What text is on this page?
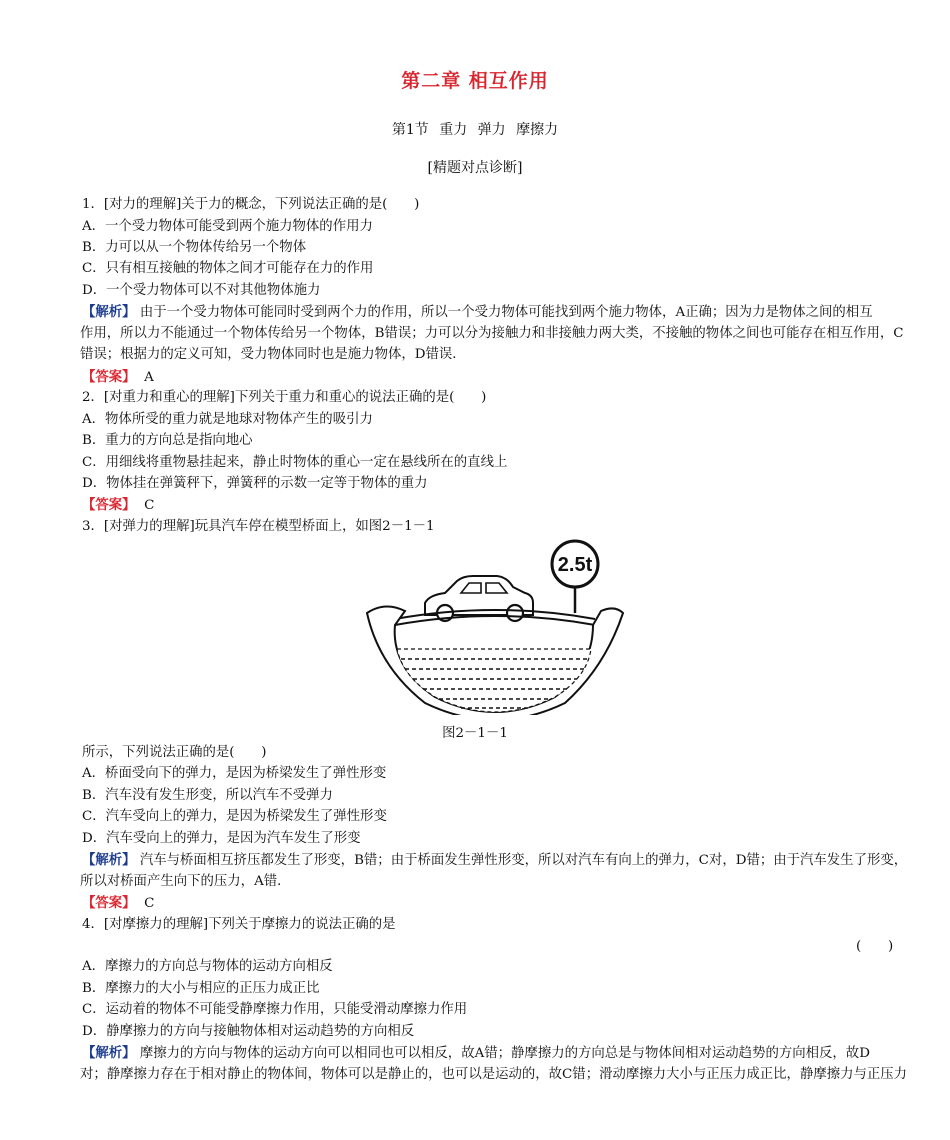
第二章 相互作用
第1节 重力 弹力 摩擦力
[精题对点诊断]
1．[对力的理解]关于力的概念，下列说法正确的是(　　)
A．一个受力物体可能受到两个施力物体的作用力
B．力可以从一个物体传给另一个物体
C．只有相互接触的物体之间才可能存在力的作用
D．一个受力物体可以不对其他物体施力
【解析】 由于一个受力物体可能同时受到两个力的作用，所以一个受力物体可能找到两个施力物体，A正确；因为力是物体之间的相互
作用，所以力不能通过一个物体传给另一个物体，B错误；力可以分为接触力和非接触力两大类，不接触的物体之间也可能存在相互作用，C
错误；根据力的定义可知，受力物体同时也是施力物体，D错误．
【答案】 A
2．[对重力和重心的理解]下列关于重力和重心的说法正确的是(　　)
A．物体所受的重力就是地球对物体产生的吸引力
B．重力的方向总是指向地心
C．用细线将重物悬挂起来，静止时物体的重心一定在悬线所在的直线上
D．物体挂在弹簧秤下，弹簧秤的示数一定等于物体的重力
【答案】 C
3．[对弹力的理解]玩具汽车停在模型桥面上，如图2－1－1
2.5t
图2－1－1
所示，下列说法正确的是(　　)
A．桥面受向下的弹力，是因为桥梁发生了弹性形变
B．汽车没有发生形变，所以汽车不受弹力
C．汽车受向上的弹力，是因为桥梁发生了弹性形变
D．汽车受向上的弹力，是因为汽车发生了形变
【解析】 汽车与桥面相互挤压都发生了形变，B错；由于桥面发生弹性形变，所以对汽车有向上的弹力，C对，D错；由于汽车发生了形变，
所以对桥面产生向下的压力，A错．
【答案】 C
4．[对摩擦力的理解]下列关于摩擦力的说法正确的是
(　　)
A．摩擦力的方向总与物体的运动方向相反
B．摩擦力的大小与相应的正压力成正比
C．运动着的物体不可能受静摩擦力作用，只能受滑动摩擦力作用
D．静摩擦力的方向与接触物体相对运动趋势的方向相反
【解析】 摩擦力的方向与物体的运动方向可以相同也可以相反，故A错；静摩擦力的方向总是与物体间相对运动趋势的方向相反，故D
对；静摩擦力存在于相对静止的物体间，物体可以是静止的，也可以是运动的，故C错；滑动摩擦力大小与正压力成正比，静摩擦力与正压力
